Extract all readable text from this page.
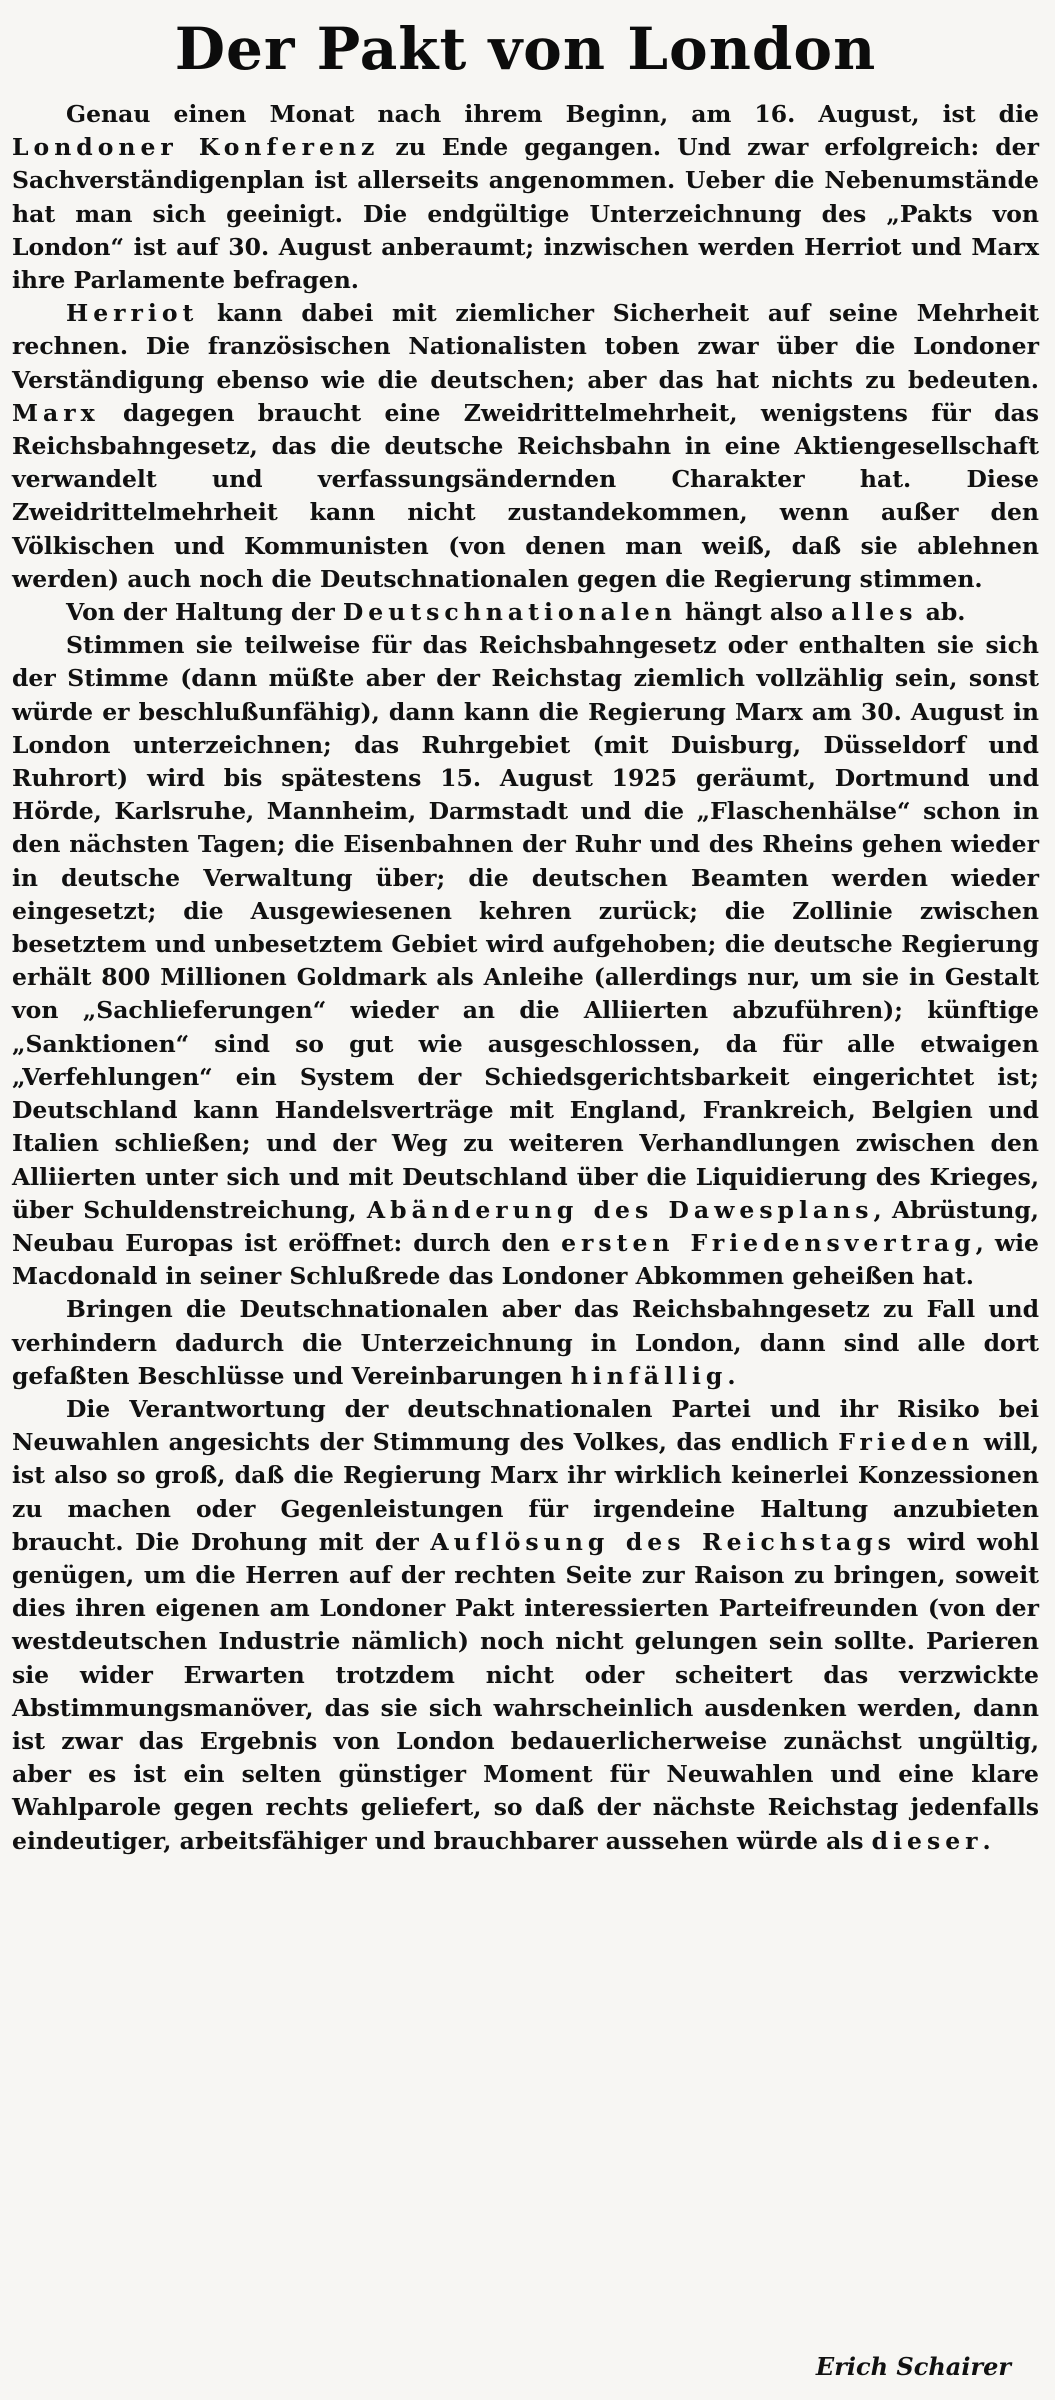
Der Pakt von London

Genau einen Monat nach ihrem Beginn, am 16. August, ist die Londoner Konferenz zu Ende gegangen. Und zwar erfolgreich: der Sachverständigenplan ist allerseits angenommen. Ueber die Nebenumstände hat man sich geeinigt. Die endgültige Unterzeichnung des „Pakts von London“ ist auf 30. August anberaumt; inzwischen werden Herriot und Marx ihre Parlamente befragen.

Herriot kann dabei mit ziemlicher Sicherheit auf seine Mehrheit rechnen. Die französischen Nationalisten toben zwar über die Londoner Verständigung ebenso wie die deutschen; aber das hat nichts zu bedeuten. Marx dagegen braucht eine Zweidrittelmehrheit, wenigstens für das Reichsbahngesetz, das die deutsche Reichsbahn in eine Aktiengesellschaft verwandelt und verfassungsändernden Charakter hat. Diese Zweidrittelmehrheit kann nicht zustandekommen, wenn außer den Völkischen und Kommunisten (von denen man weiß, daß sie ablehnen werden) auch noch die Deutschnationalen gegen die Regierung stimmen.

Von der Haltung der Deutschnationalen hängt also alles ab.

Stimmen sie teilweise für das Reichsbahngesetz oder enthalten sie sich der Stimme (dann müßte aber der Reichstag ziemlich vollzählig sein, sonst würde er beschlußunfähig), dann kann die Regierung Marx am 30. August in London unterzeichnen; das Ruhrgebiet (mit Duisburg, Düsseldorf und Ruhrort) wird bis spätestens 15. August 1925 geräumt, Dortmund und Hörde, Karlsruhe, Mannheim, Darmstadt und die „Flaschenhälse“ schon in den nächsten Tagen; die Eisenbahnen der Ruhr und des Rheins gehen wieder in deutsche Verwaltung über; die deutschen Beamten werden wieder eingesetzt; die Ausgewiesenen kehren zurück; die Zollinie zwischen besetztem und unbesetztem Gebiet wird aufgehoben; die deutsche Regierung erhält 800 Millionen Goldmark als Anleihe (allerdings nur, um sie in Gestalt von „Sachlieferungen“ wieder an die Alliierten abzuführen); künftige „Sanktionen“ sind so gut wie ausgeschlossen, da für alle etwaigen „Verfehlungen“ ein System der Schiedsgerichtsbarkeit eingerichtet ist; Deutschland kann Handelsverträge mit England, Frankreich, Belgien und Italien schließen; und der Weg zu weiteren Verhandlungen zwischen den Alliierten unter sich und mit Deutschland über die Liquidierung des Krieges, über Schuldenstreichung, Abänderung des Dawesplans, Abrüstung, Neubau Europas ist eröffnet: durch den ersten Friedensvertrag, wie Macdonald in seiner Schlußrede das Londoner Abkommen geheißen hat.

Bringen die Deutschnationalen aber das Reichsbahngesetz zu Fall und verhindern dadurch die Unterzeichnung in London, dann sind alle dort gefaßten Beschlüsse und Vereinbarungen hinfällig.

Die Verantwortung der deutschnationalen Partei und ihr Risiko bei Neuwahlen angesichts der Stimmung des Volkes, das endlich Frieden will, ist also so groß, daß die Regierung Marx ihr wirklich keinerlei Konzessionen zu machen oder Gegenleistungen für irgendeine Haltung anzubieten braucht. Die Drohung mit der Auflösung des Reichstags wird wohl genügen, um die Herren auf der rechten Seite zur Raison zu bringen, soweit dies ihren eigenen am Londoner Pakt interessierten Parteifreunden (von der westdeutschen Industrie nämlich) noch nicht gelungen sein sollte. Parieren sie wider Erwarten trotzdem nicht oder scheitert das verzwickte Abstimmungsmanöver, das sie sich wahrscheinlich ausdenken werden, dann ist zwar das Ergebnis von London bedauerlicherweise zunächst ungültig, aber es ist ein selten günstiger Moment für Neuwahlen und eine klare Wahlparole gegen rechts geliefert, so daß der nächste Reichstag jedenfalls eindeutiger, arbeitsfähiger und brauchbarer aussehen würde als dieser.

Erich Schairer
